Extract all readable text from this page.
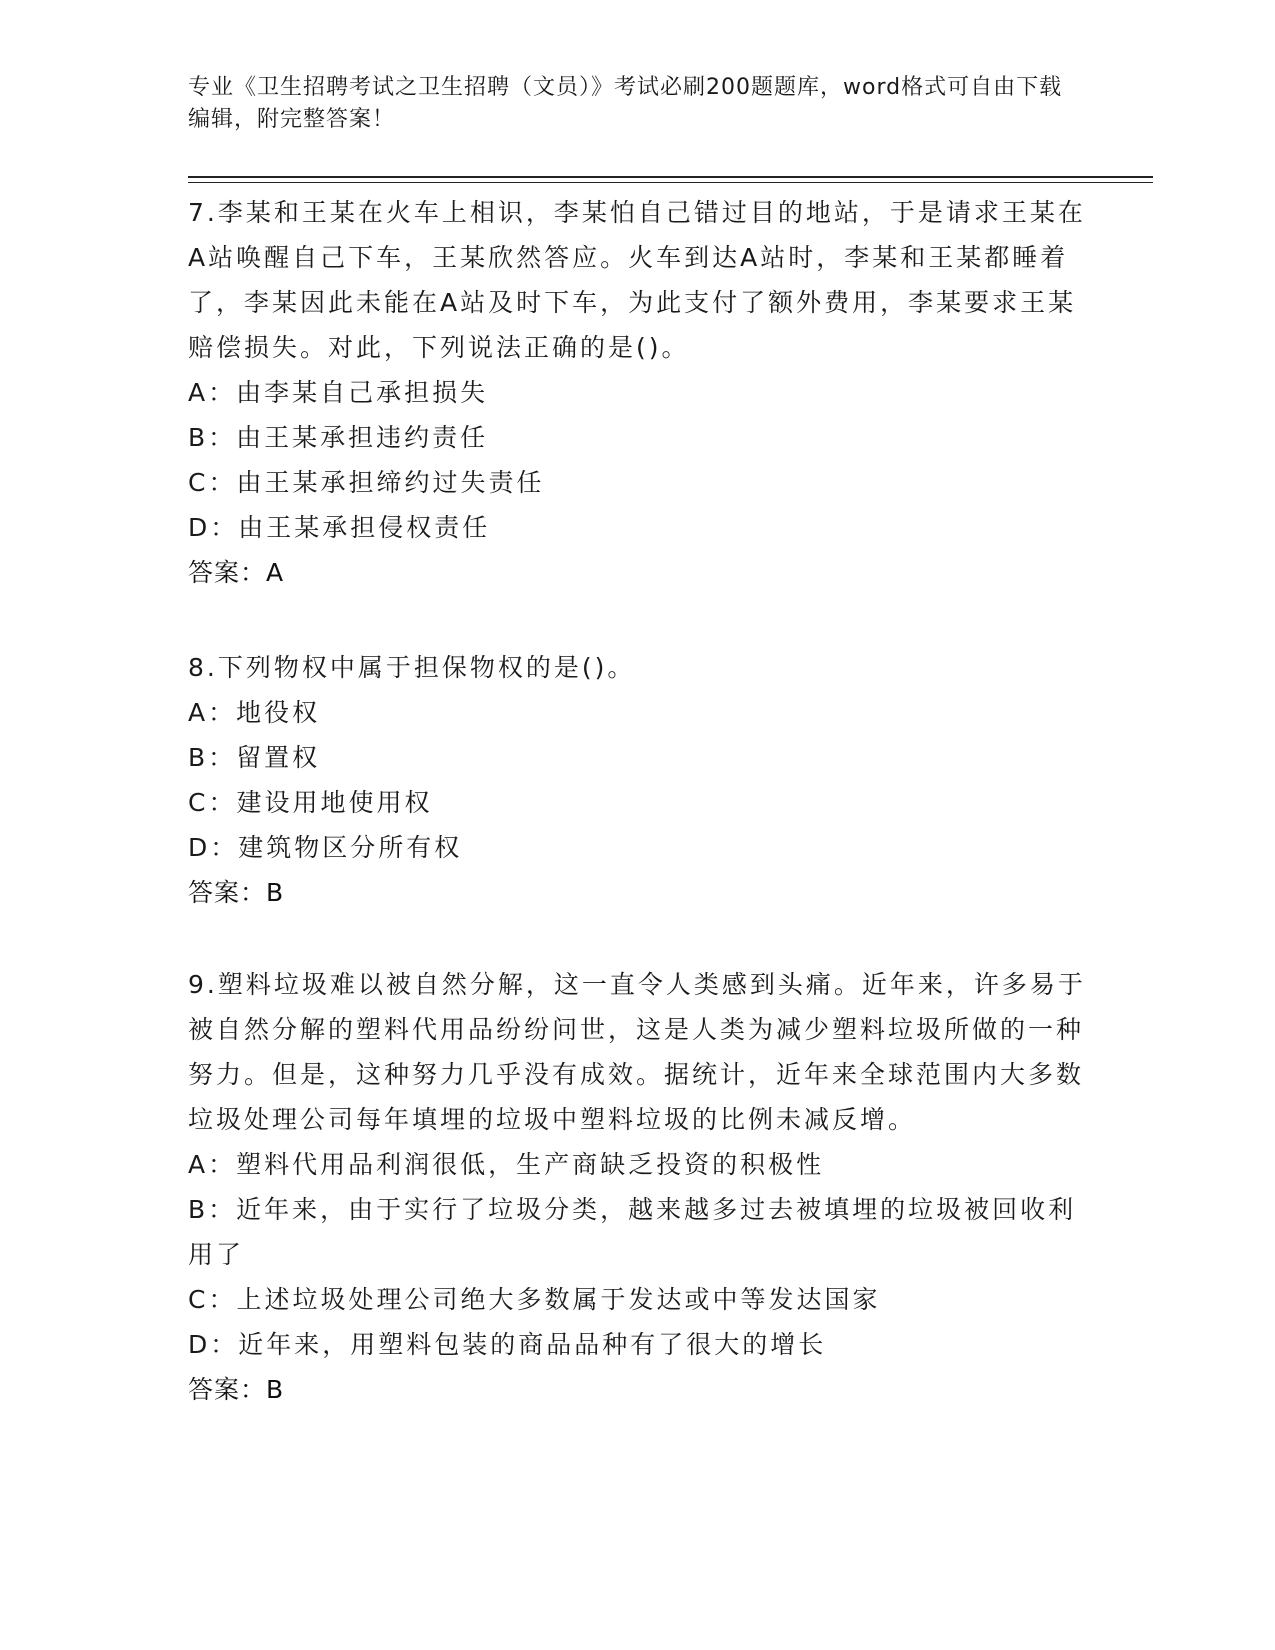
专业《卫生招聘考试之卫生招聘（文员）》考试必刷200题题库，word格式可自由下载编辑，附完整答案！

7.李某和王某在火车上相识，李某怕自己错过目的地站，于是请求王某在A站唤醒自己下车，王某欣然答应。火车到达A站时，李某和王某都睡着了，李某因此未能在A站及时下车，为此支付了额外费用，李某要求王某赔偿损失。对此，下列说法正确的是()。

A：由李某自己承担损失

B：由王某承担违约责任

C：由王某承担缔约过失责任

D：由王某承担侵权责任

答案：A

8.下列物权中属于担保物权的是()。

A：地役权

B：留置权

C：建设用地使用权

D：建筑物区分所有权

答案：B

9.塑料垃圾难以被自然分解，这一直令人类感到头痛。近年来，许多易于被自然分解的塑料代用品纷纷问世，这是人类为减少塑料垃圾所做的一种努力。但是，这种努力几乎没有成效。据统计，近年来全球范围内大多数垃圾处理公司每年填埋的垃圾中塑料垃圾的比例未减反增。

A：塑料代用品利润很低，生产商缺乏投资的积极性

B：近年来，由于实行了垃圾分类，越来越多过去被填埋的垃圾被回收利用了

C：上述垃圾处理公司绝大多数属于发达或中等发达国家

D：近年来，用塑料包装的商品品种有了很大的增长

答案：B
